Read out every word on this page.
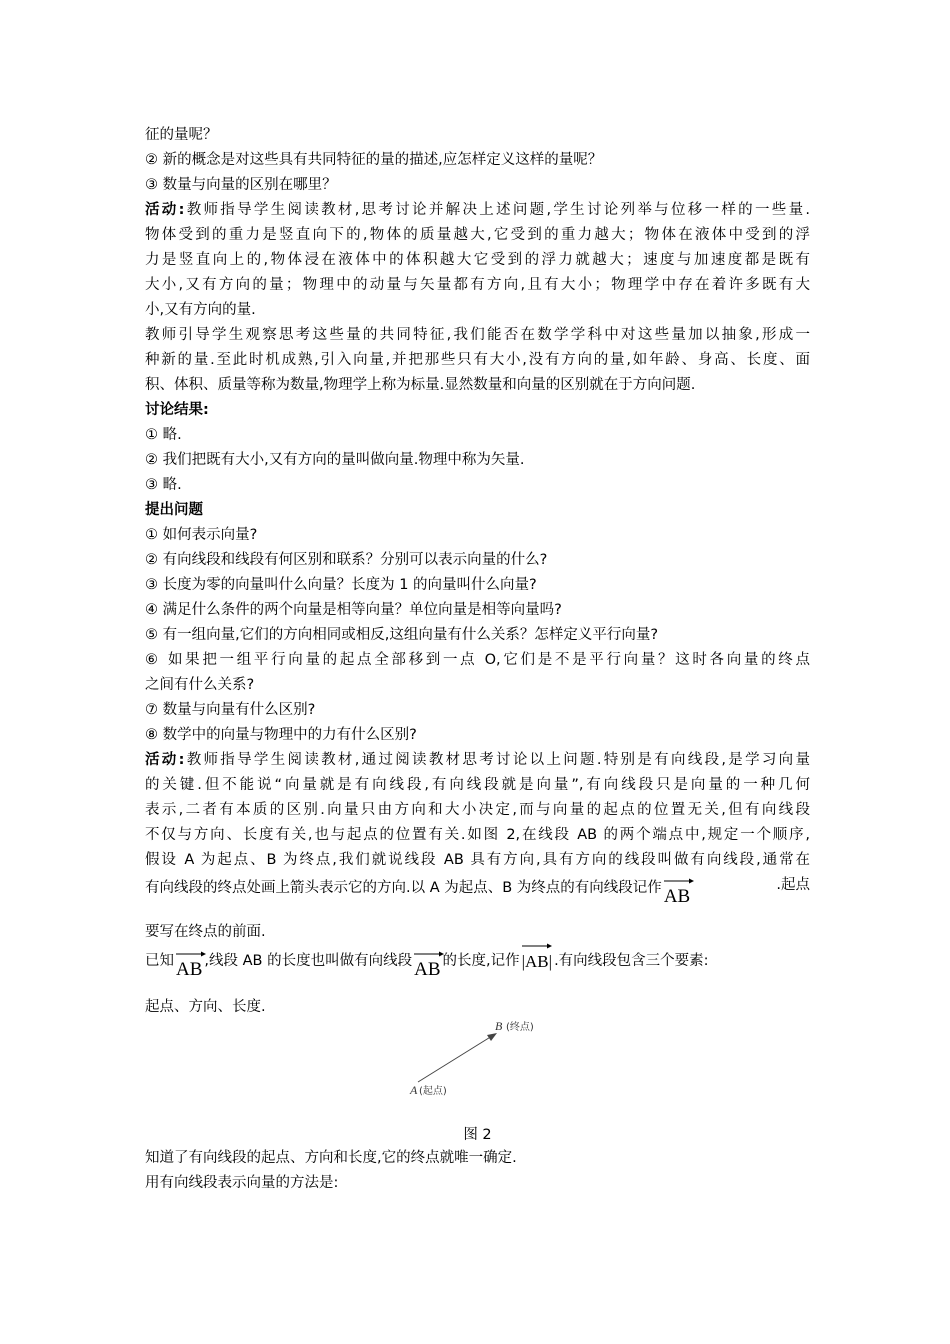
征的量呢？
② 新的概念是对这些具有共同特征的量的描述,应怎样定义这样的量呢？
③ 数量与向量的区别在哪里？
活动:教师指导学生阅读教材,思考讨论并解决上述问题,学生讨论列举与位移一样的一些量.
物体受到的重力是竖直向下的,物体的质量越大,它受到的重力越大；物体在液体中受到的浮
力是竖直向上的,物体浸在液体中的体积越大它受到的浮力就越大；速度与加速度都是既有
大小,又有方向的量；物理中的动量与矢量都有方向,且有大小；物理学中存在着许多既有大
小,又有方向的量.
教师引导学生观察思考这些量的共同特征,我们能否在数学学科中对这些量加以抽象,形成一
种新的量.至此时机成熟,引入向量,并把那些只有大小,没有方向的量,如年龄、身高、长度、面
积、体积、质量等称为数量,物理学上称为标量.显然数量和向量的区别就在于方向问题.
讨论结果:
① 略.
② 我们把既有大小,又有方向的量叫做向量.物理中称为矢量.
③ 略.
提出问题
① 如何表示向量?
② 有向线段和线段有何区别和联系？分别可以表示向量的什么?
③ 长度为零的向量叫什么向量？长度为 1 的向量叫什么向量?
④ 满足什么条件的两个向量是相等向量？单位向量是相等向量吗?
⑤ 有一组向量,它们的方向相同或相反,这组向量有什么关系？怎样定义平行向量?
⑥ 如果把一组平行向量的起点全部移到一点 O,它们是不是平行向量？这时各向量的终点
之间有什么关系?
⑦ 数量与向量有什么区别?
⑧ 数学中的向量与物理中的力有什么区别?
活动:教师指导学生阅读教材,通过阅读教材思考讨论以上问题.特别是有向线段,是学习向量
的关键.但不能说“向量就是有向线段,有向线段就是向量”,有向线段只是向量的一种几何
表示,二者有本质的区别.向量只由方向和大小决定,而与向量的起点的位置无关,但有向线段
不仅与方向、长度有关,也与起点的位置有关.如图 2,在线段 AB 的两个端点中,规定一个顺序,
假设 A 为起点、B 为终点,我们就说线段 AB 具有方向,具有方向的线段叫做有向线段,通常在
有向线段的终点处画上箭头表示它的方向.以 A 为起点、B 为终点的有向线段记作 AB
.起点
要写在终点的前面.
已知 AB ,线段 AB 的长度也叫做有向线段 AB 的长度,记作 |AB| .有向线段包含三个要素:
起点、方向、长度.
B (终点)
A (起点)
图 2
知道了有向线段的起点、方向和长度,它的终点就唯一确定.
用有向线段表示向量的方法是:
